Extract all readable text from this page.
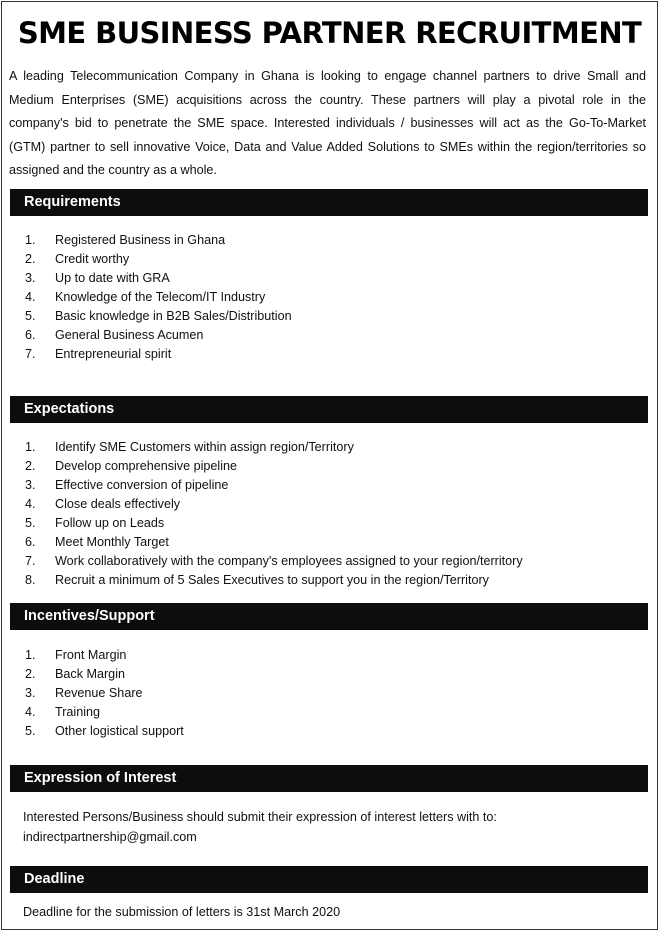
SME BUSINESS PARTNER RECRUITMENT

A leading Telecommunication Company in Ghana is looking to engage channel partners to drive Small and Medium Enterprises (SME) acquisitions across the country. These partners will play a pivotal role in the company's bid to penetrate the SME space. Interested individuals / businesses will act as the Go-To-Market (GTM) partner to sell innovative Voice, Data and Value Added Solutions to SMEs within the region/territories so assigned and the country as a whole.

Requirements
1. Registered Business in Ghana
2. Credit worthy
3. Up to date with GRA
4. Knowledge of the Telecom/IT Industry
5. Basic knowledge in B2B Sales/Distribution
6. General Business Acumen
7. Entrepreneurial spirit
Expectations
1. Identify SME Customers within assign region/Territory
2. Develop comprehensive pipeline
3. Effective conversion of pipeline
4. Close deals effectively
5. Follow up on Leads
6. Meet Monthly Target
7. Work collaboratively with the company's employees assigned to your region/territory
8. Recruit a minimum of 5 Sales Executives to support you in the region/Territory
Incentives/Support
1. Front Margin
2. Back Margin
3. Revenue Share
4. Training
5. Other logistical support
Expression of Interest

Interested Persons/Business should submit their expression of interest letters with to:
indirectpartnership@gmail.com

Deadline

Deadline for the submission of letters is 31st March 2020
